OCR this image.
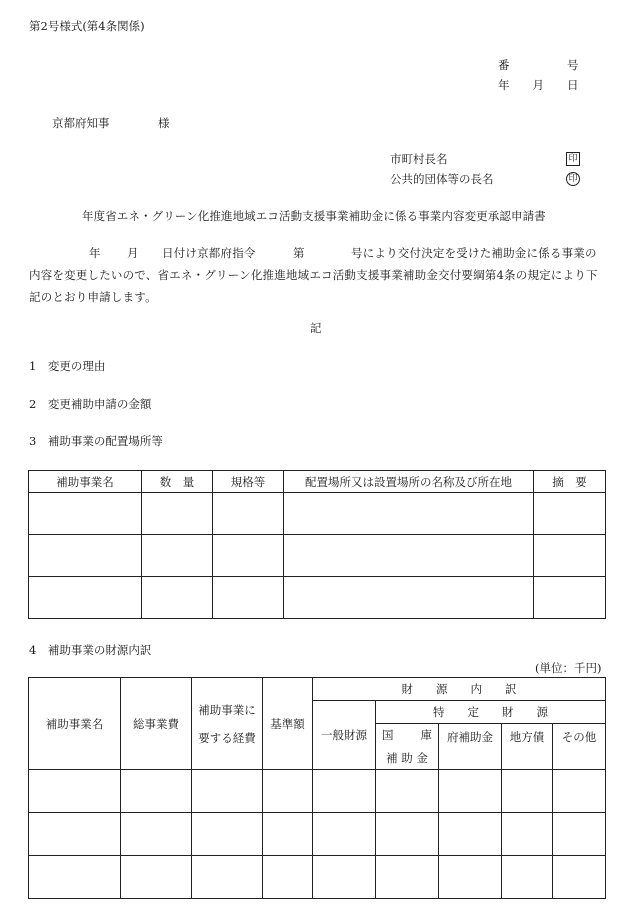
第2号様式(第4条関係)
番　　　　　号
年　　月　　日
京都府知事	様
市町村長名	印
公共的団体等の長名	印
年度省エネ・グリーン化推進地域エコ活動支援事業補助金に係る事業内容変更承認申請書
年 月 日付け京都府指令	第	号により交付決定を受けた補助金に係る事業の
内容を変更したいので、省エネ・グリーン化推進地域エコ活動支援事業補助金交付要綱第4条の規定により下
記のとおり申請します。
記
1　変更の理由
2　変更補助申請の金額
3　補助事業の配置場所等
補助事業名	数　量	規格等	配置場所又は設置場所の名称及び所在地	摘　要

4　補助事業の財源内訳
(単位：千円)
補助事業名	総事業費	補助事業に
要する経費	基準額	財　　源　　内　　訳				
				一般財源	特　　定　　財　　源			

					国 庫	府補助金	地方債	その他
					補 助 金			
